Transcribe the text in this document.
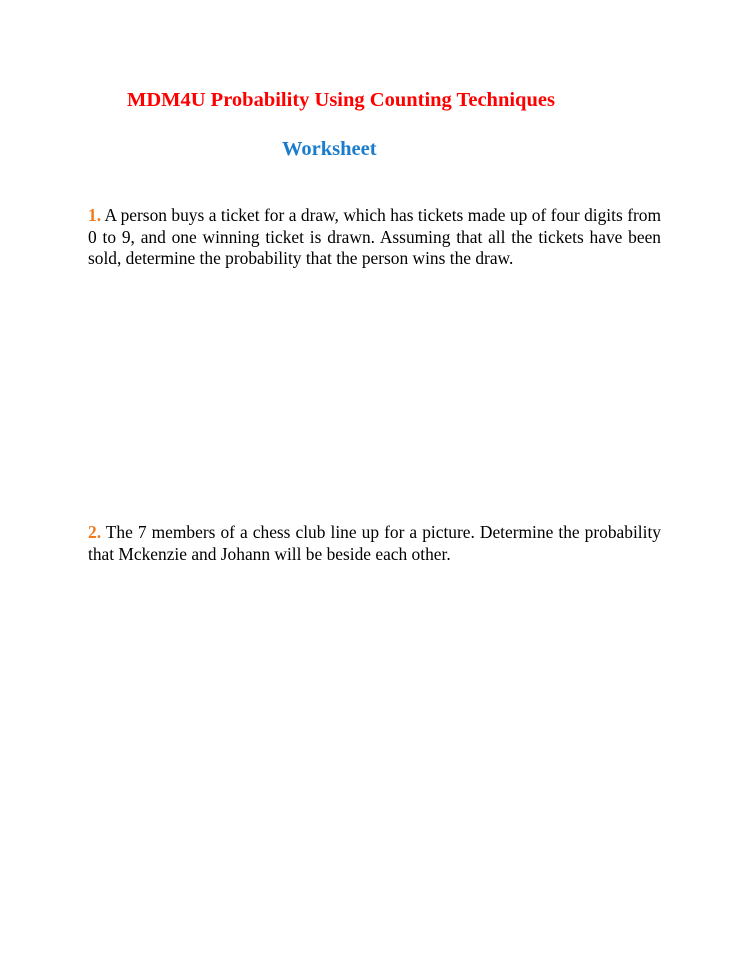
MDM4U Probability Using Counting Techniques
Worksheet

1. A person buys a ticket for a draw, which has tickets made up of four digits from 0 to 9, and one winning ticket is drawn. Assuming that all the tickets have been sold, determine the probability that the person wins the draw.

2. The 7 members of a chess club line up for a picture. Determine the probability that Mckenzie and Johann will be beside each other.
